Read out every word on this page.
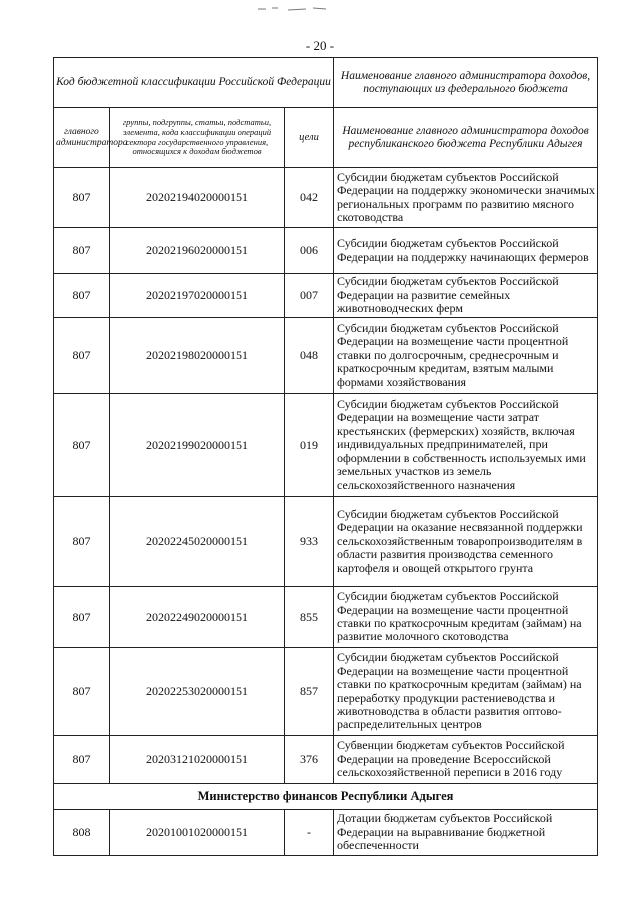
- 20 -
Код бюджетной классификации Российской Федерации			Наименование главного администратора доходов, поступающих из федерального бюджета
главного администратора	группы, подгруппы, статьи, подстатьи, элемента, кода классификации операций сектора государственного управления, относящихся к доходам бюджетов	цели	Наименование главного администратора доходов республиканского бюджета Республики Адыгея
807	20202194020000151	042	Субсидии бюджетам субъектов Российской Федерации на поддержку экономически значимых региональных программ по развитию мясного скотоводства
807	20202196020000151	006	Субсидии бюджетам субъектов Российской Федерации на поддержку начинающих фермеров
807	20202197020000151	007	Субсидии бюджетам субъектов Российской Федерации на развитие семейных животноводческих ферм
807	20202198020000151	048	Субсидии бюджетам субъектов Российской Федерации на возмещение части процентной ставки по долгосрочным, среднесрочным и краткосрочным кредитам, взятым малыми формами хозяйствования
807	20202199020000151	019	Субсидии бюджетам субъектов Российской Федерации на возмещение части затрат крестьянских (фермерских) хозяйств, включая индивидуальных предпринимателей, при оформлении в собственность используемых ими земельных участков из земель сельскохозяйственного назначения
807	20202245020000151	933	Субсидии бюджетам субъектов Российской Федерации на оказание несвязанной поддержки сельскохозяйственным товаропроизводителям в области развития производства семенного картофеля и овощей открытого грунта
807	20202249020000151	855	Субсидии бюджетам субъектов Российской Федерации на возмещение части процентной ставки по краткосрочным кредитам (займам) на развитие молочного скотоводства
807	20202253020000151	857	Субсидии бюджетам субъектов Российской Федерации на возмещение части процентной ставки по краткосрочным кредитам (займам) на переработку продукции растениеводства и животноводства в области развития оптово-распределительных центров
807	20203121020000151	376	Субвенции бюджетам субъектов Российской Федерации на проведение Всероссийской сельскохозяйственной переписи в 2016 году
Министерство финансов Республики Адыгея			
808	20201001020000151	-	Дотации бюджетам субъектов Российской Федерации на выравнивание бюджетной обеспеченности
